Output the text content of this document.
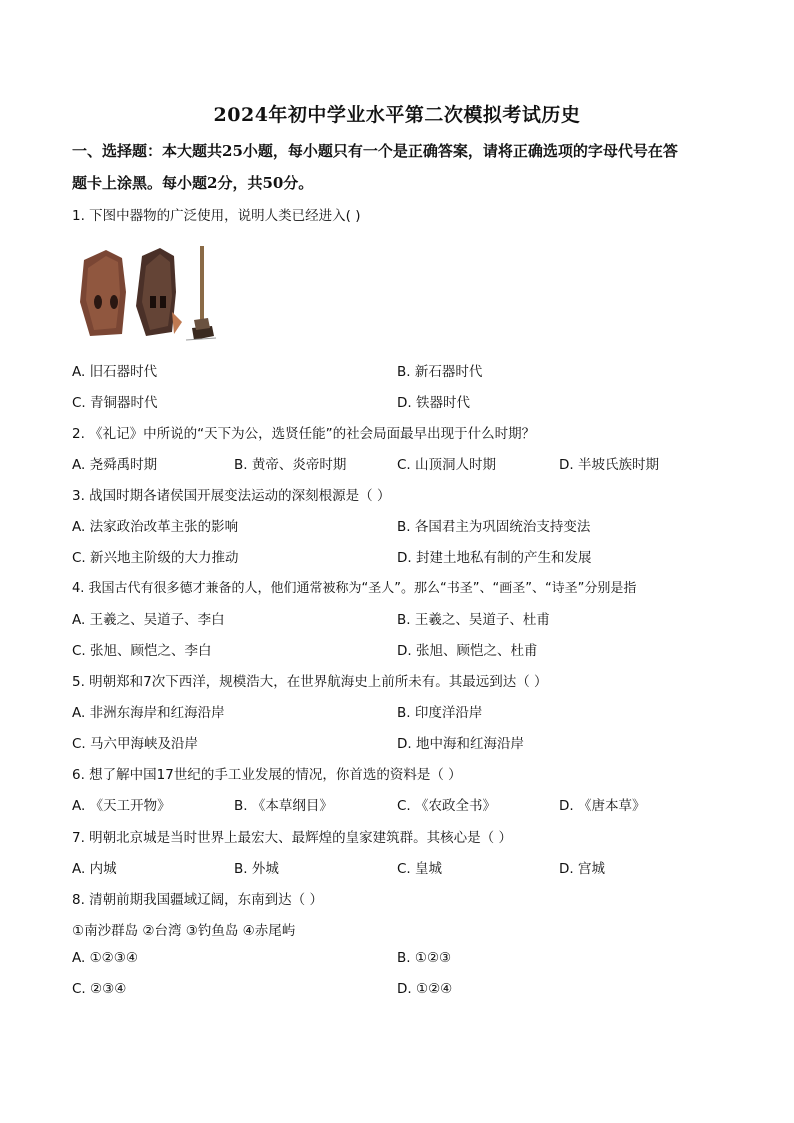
2024年初中学业水平第二次模拟考试历史
一、选择题：本大题共25小题，每小题只有一个是正确答案，请将正确选项的字母代号在答
题卡上涂黑。每小题2分，共50分。
1. 下图中器物的广泛使用，说明人类已经进入( )
A. 旧石器时代	B. 新石器时代
C. 青铜器时代	D. 铁器时代
2. 《礼记》中所说的“天下为公，选贤任能”的社会局面最早出现于什么时期？
A. 尧舜禹时期	B. 黄帝、炎帝时期	C. 山顶洞人时期	D. 半坡氏族时期
3. 战国时期各诸侯国开展变法运动的深刻根源是（ ）
A. 法家政治改革主张的影响	B. 各国君主为巩固统治支持变法
C. 新兴地主阶级的大力推动	D. 封建土地私有制的产生和发展
4. 我国古代有很多德才兼备的人，他们通常被称为“圣人”。那么“书圣”、“画圣”、“诗圣”分别是指
A. 王羲之、吴道子、李白	B. 王羲之、吴道子、杜甫
C. 张旭、顾恺之、李白	D. 张旭、顾恺之、杜甫
5. 明朝郑和7次下西洋，规模浩大，在世界航海史上前所未有。其最远到达（ ）
A. 非洲东海岸和红海沿岸	B. 印度洋沿岸
C. 马六甲海峡及沿岸	D. 地中海和红海沿岸
6. 想了解中国17世纪的手工业发展的情况，你首选的资料是（ ）
A. 《天工开物》	B. 《本草纲目》	C. 《农政全书》	D. 《唐本草》
7. 明朝北京城是当时世界上最宏大、最辉煌的皇家建筑群。其核心是（ ）
A. 内城	B. 外城	C. 皇城	D. 宫城
8. 清朝前期我国疆域辽阔，东南到达（ ）
①南沙群岛 ②台湾 ③钓鱼岛 ④赤尾屿
A. ①②③④	B. ①②③
C. ②③④	D. ①②④
